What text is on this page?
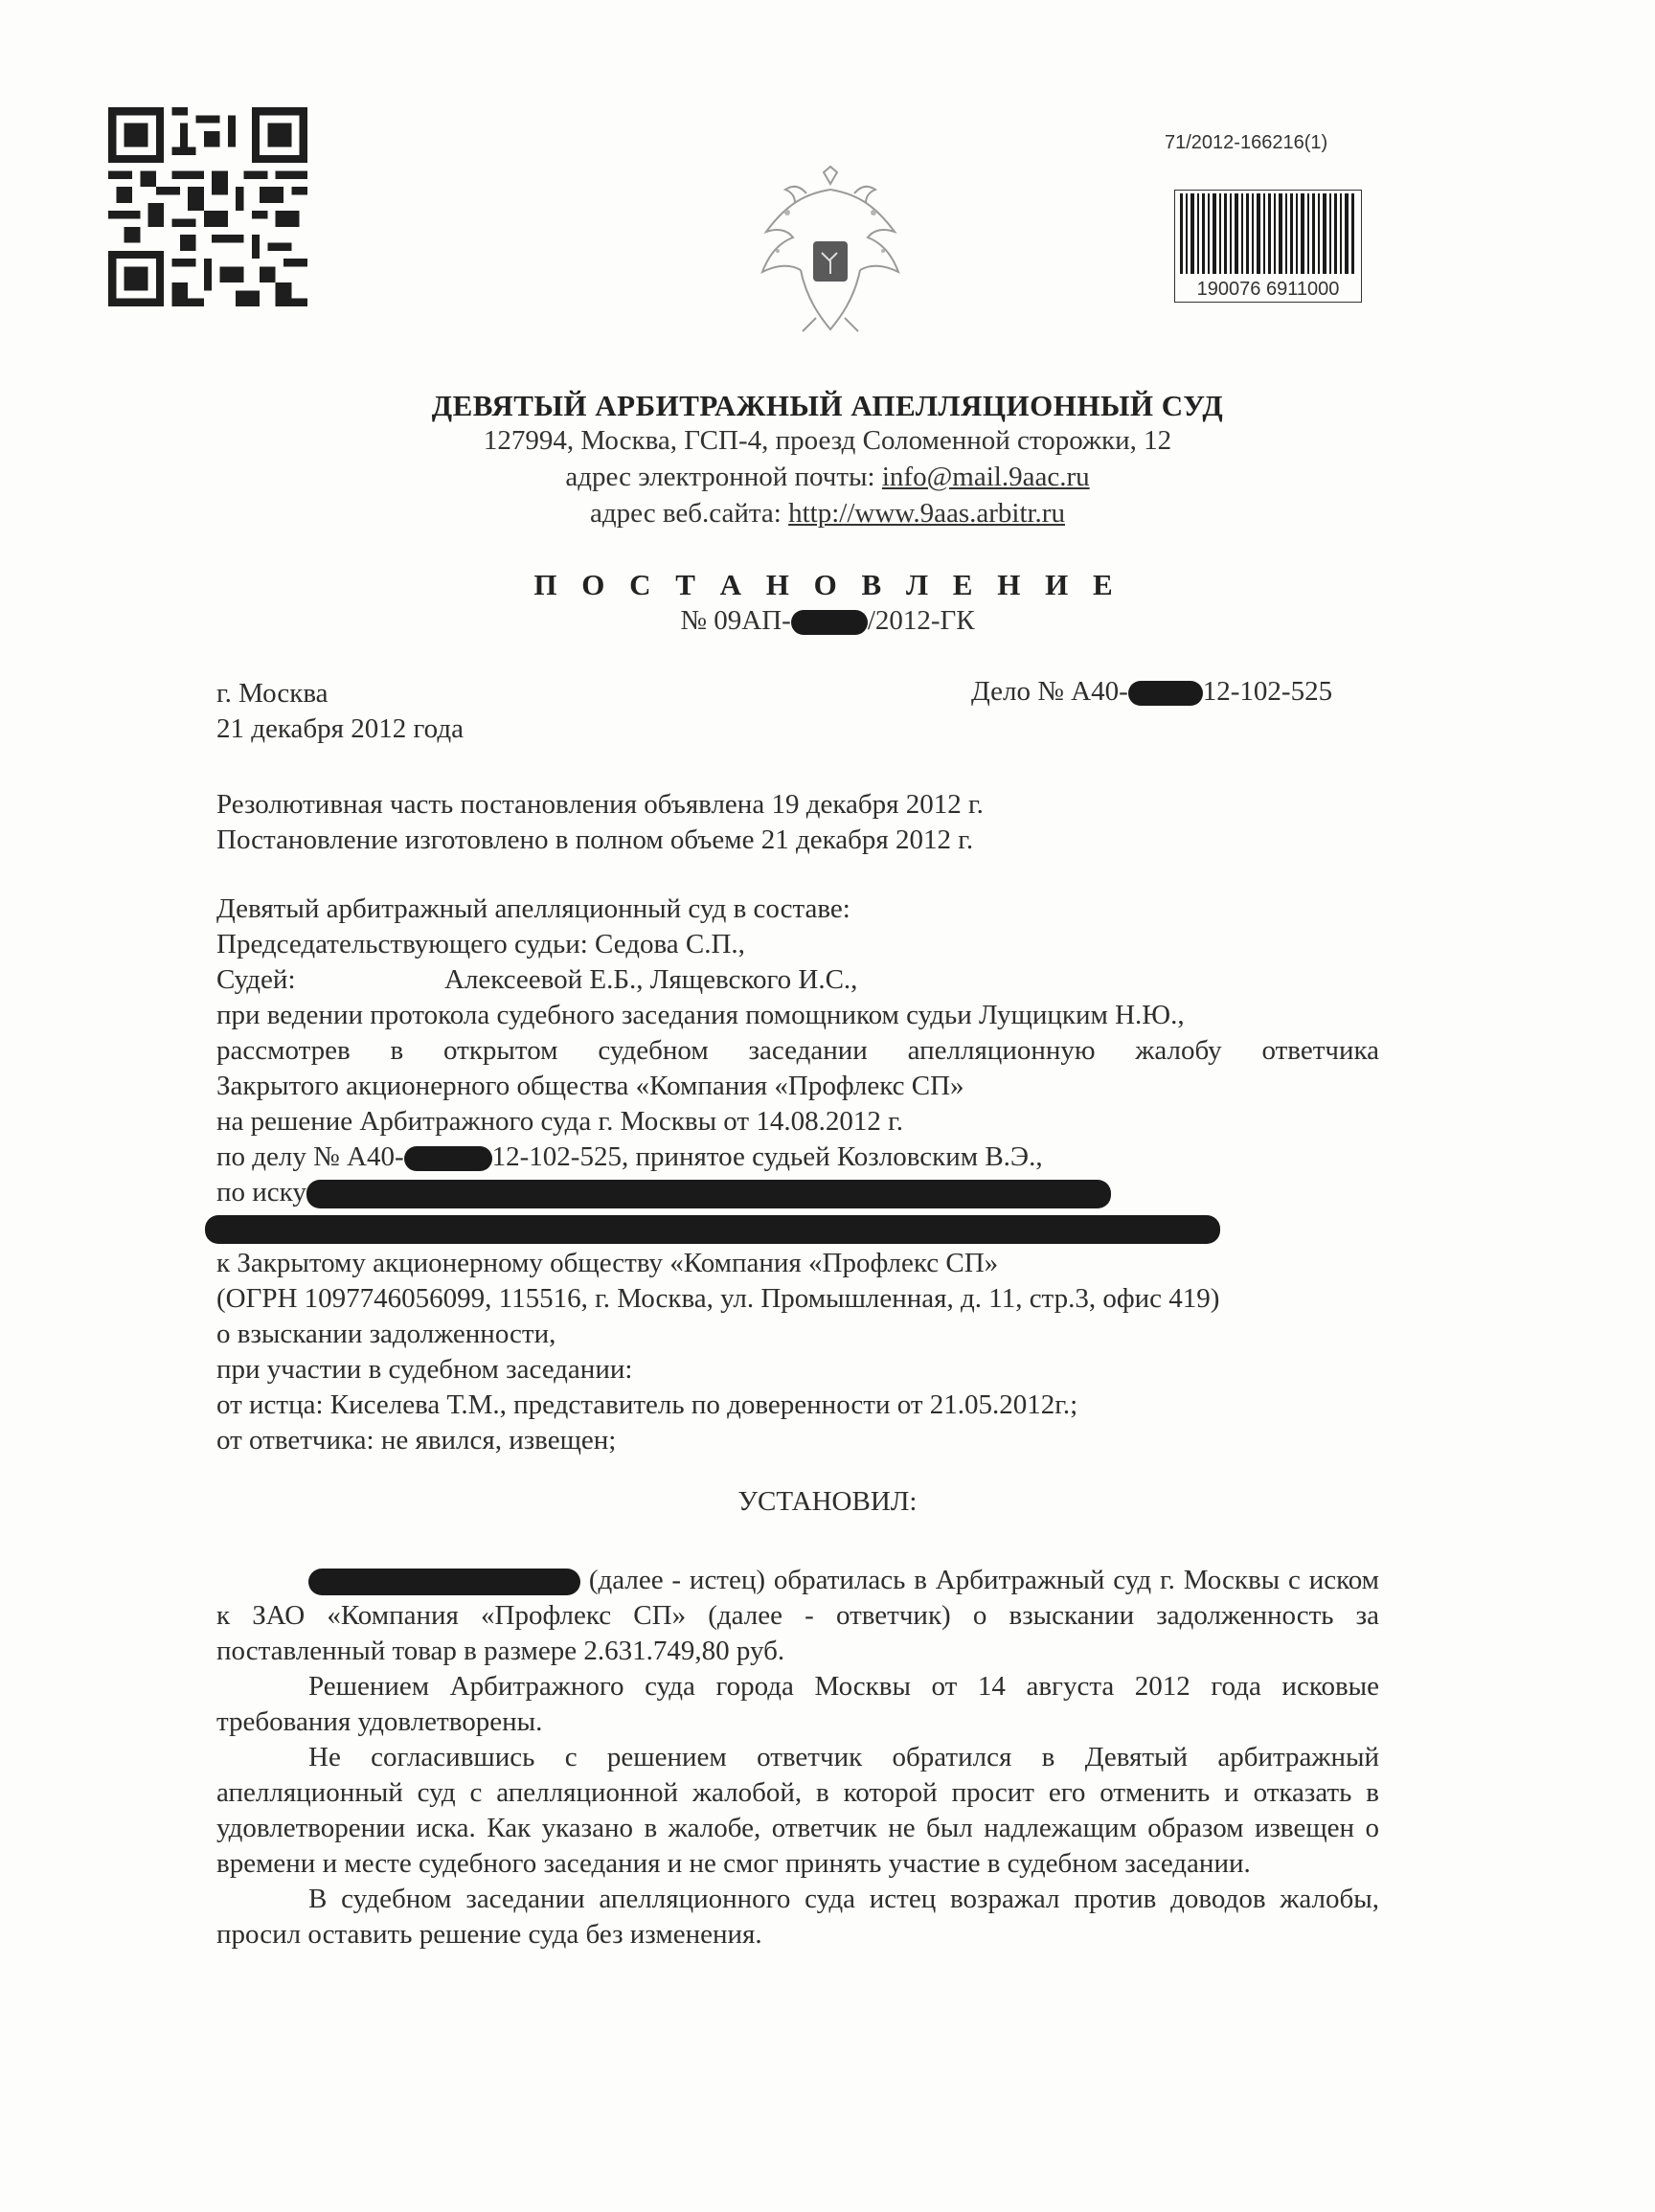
71/2012-166216(1)
190076 6911000
ДЕВЯТЫЙ АРБИТРАЖНЫЙ АПЕЛЛЯЦИОННЫЙ СУД
127994, Москва, ГСП-4, проезд Соломенной сторожки, 12
адрес электронной почты: info@mail.9aac.ru
адрес веб.сайта: http://www.9aas.arbitr.ru
П О С Т А Н О В Л Е Н И Е
№ 09АП-	/2012-ГК
г. Москва
21 декабря 2012 года
Дело № А40-	12-102-525

Резолютивная часть постановления объявлена 19 декабря 2012 г.

Постановление изготовлено в полном объеме 21 декабря 2012 г.

Девятый арбитражный апелляционный суд в составе:

Председательствующего судьи: Седова С.П.,

Судей:	Алексеевой Е.Б., Лящевского И.С.,

при ведении протокола судебного заседания помощником судьи Лущицким Н.Ю.,

рассмотрев в открытом судебном заседании апелляционную жалобу ответчика

Закрытого акционерного общества «Компания «Профлекс СП»

на решение Арбитражного суда г. Москвы от 14.08.2012 г.

по делу № А40-	12-102-525, принятое судьей Козловским В.Э.,

по иску

к Закрытому акционерному обществу «Компания «Профлекс СП»

(ОГРН 1097746056099, 115516, г. Москва, ул. Промышленная, д. 11, стр.3, офис 419)

о взыскании задолженности,

при участии в судебном заседании:

от истца: Киселева Т.М., представитель по доверенности от 21.05.2012г.;

от ответчика: не явился, извещен;

УСТАНОВИЛ:

(далее - истец) обратилась в Арбитражный суд г. Москвы с иском к ЗАО «Компания «Профлекс СП» (далее - ответчик) о взыскании задолженность за поставленный товар в размере 2.631.749,80 руб.

Решением Арбитражного суда города Москвы от 14 августа 2012 года исковые требования удовлетворены.

Не согласившись с решением ответчик обратился в Девятый арбитражный апелляционный суд с апелляционной жалобой, в которой просит его отменить и отказать в удовлетворении иска. Как указано в жалобе, ответчик не был надлежащим образом извещен о времени и месте судебного заседания и не смог принять участие в судебном заседании.

В судебном заседании апелляционного суда истец возражал против доводов жалобы, просил оставить решение суда без изменения.
